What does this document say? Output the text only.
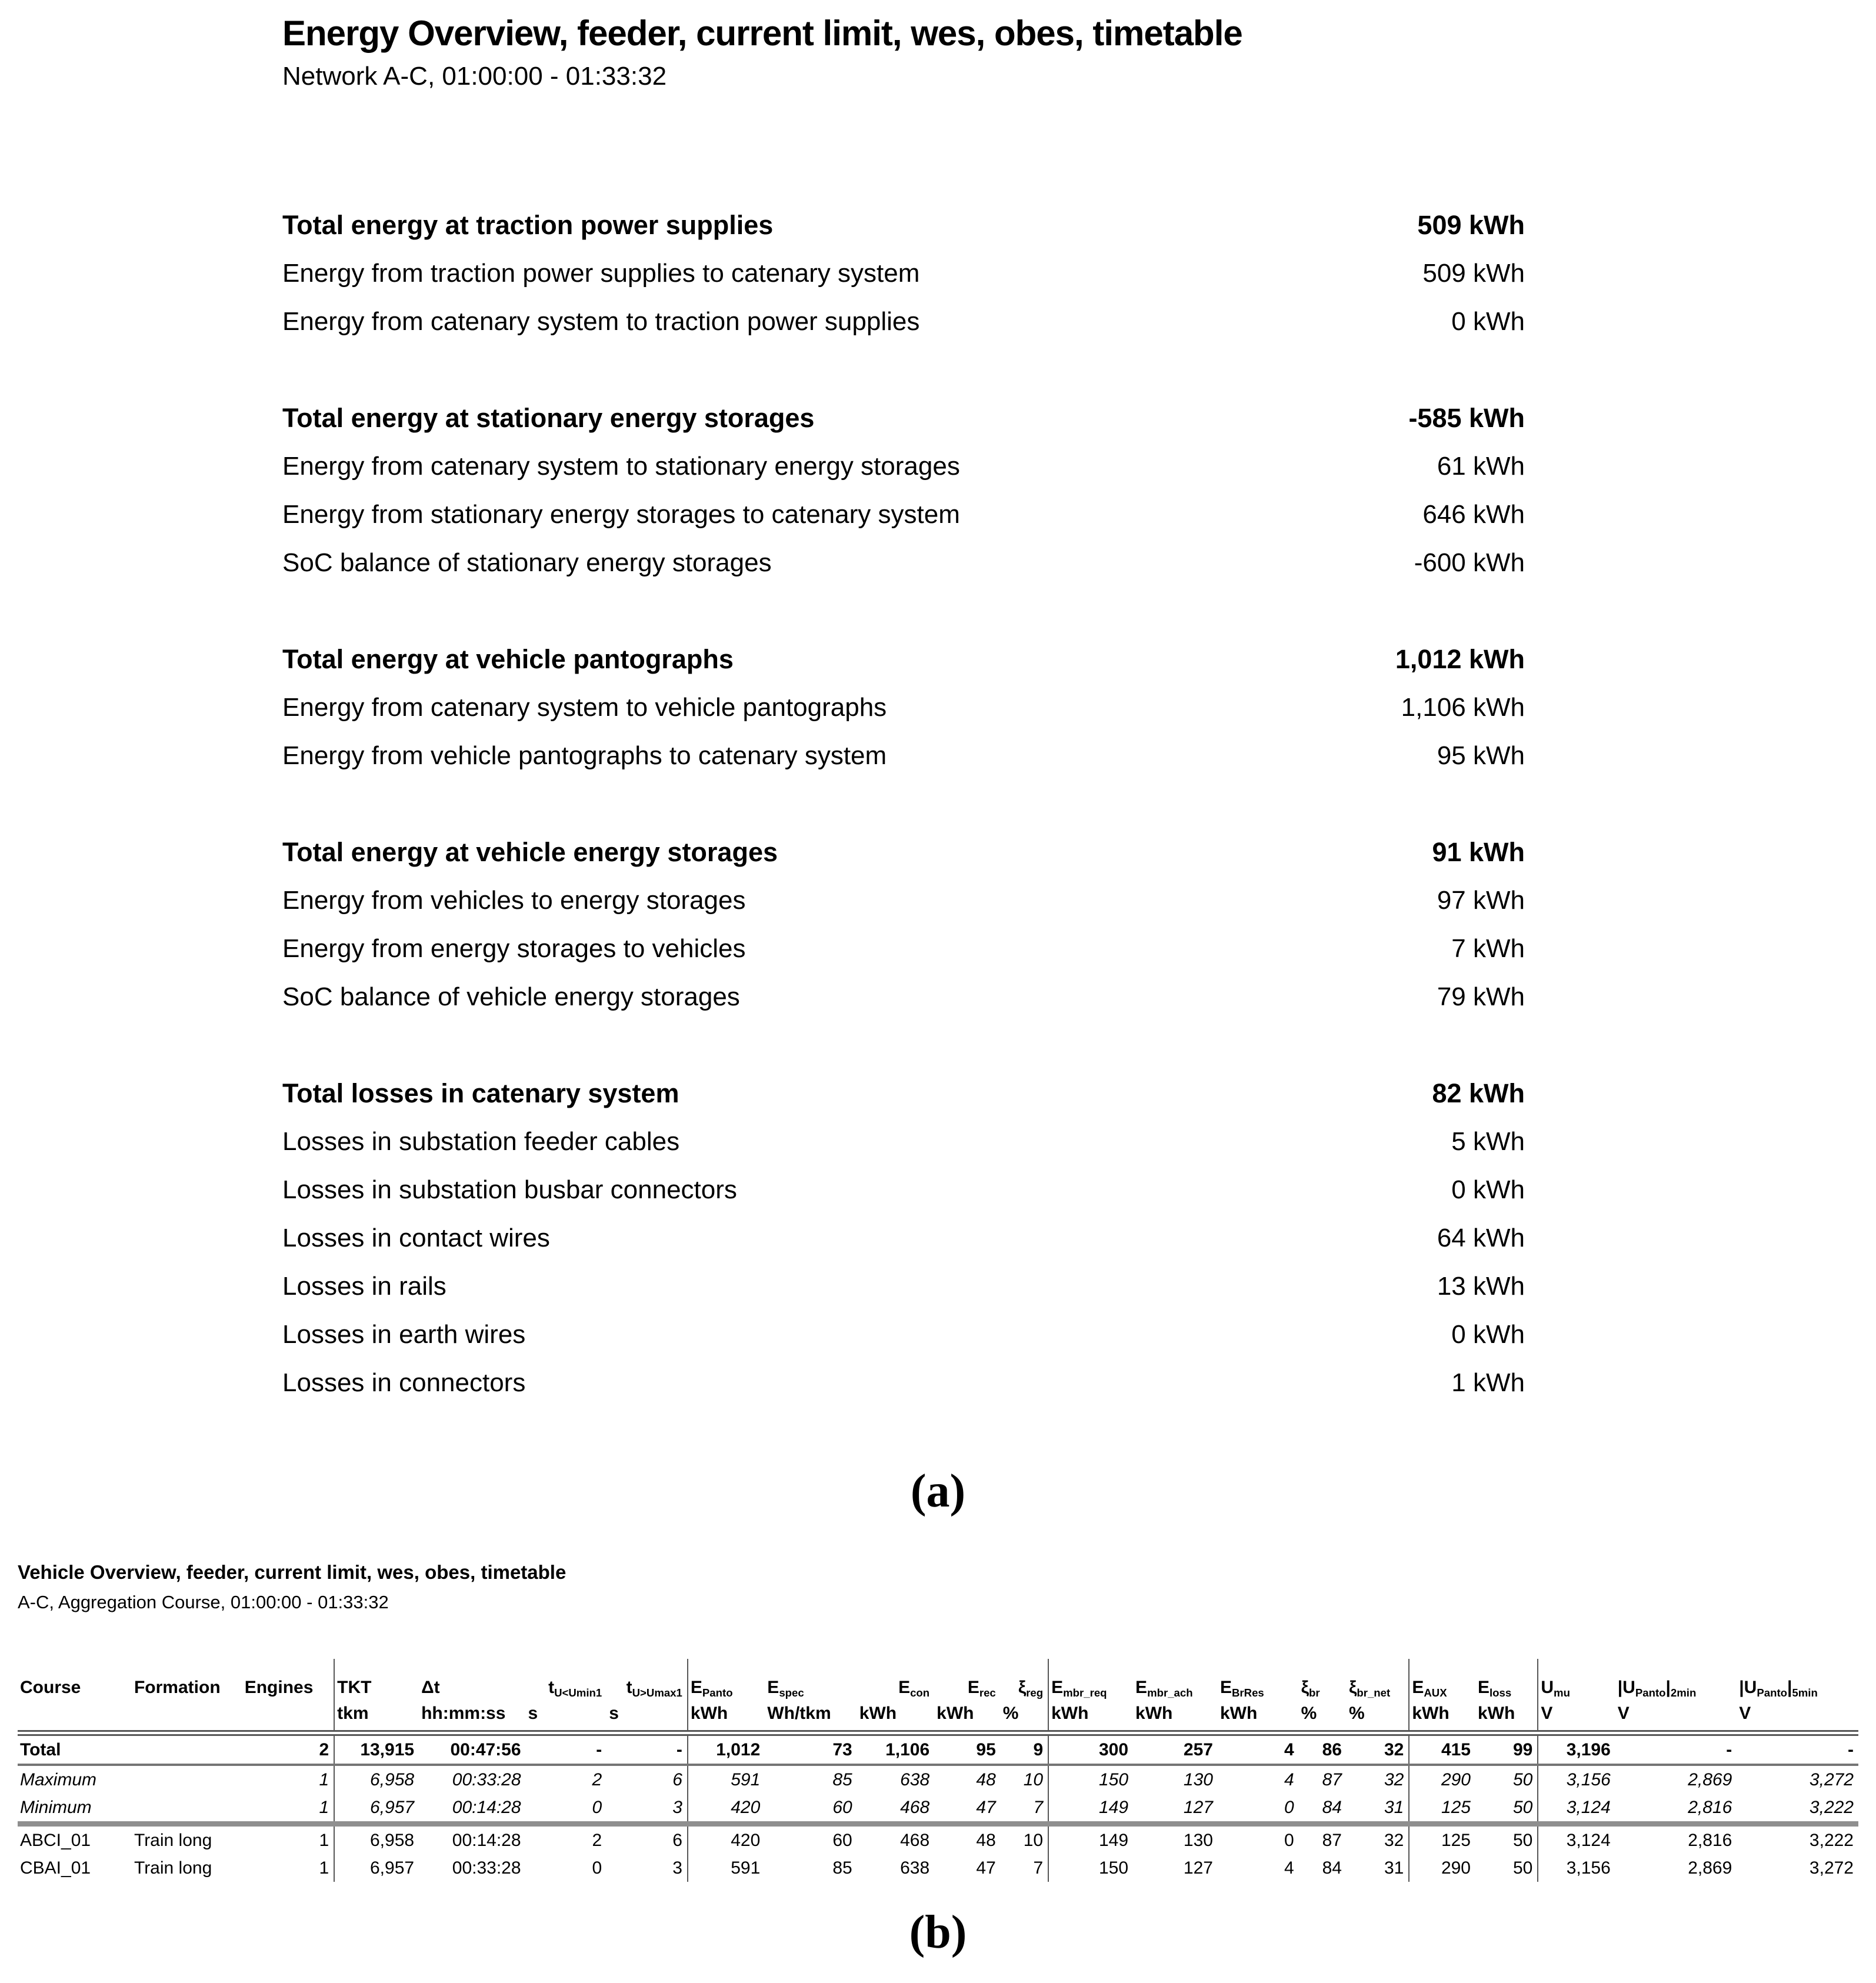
Energy Overview, feeder, current limit, wes, obes, timetable
Network A-C, 01:00:00 - 01:33:32
Total energy at traction power supplies	509 kWh
Energy from traction power supplies to catenary system	509 kWh
Energy from catenary system to traction power supplies	0 kWh
Total energy at stationary energy storages	-585 kWh
Energy from catenary system to stationary energy storages	61 kWh
Energy from stationary energy storages to catenary system	646 kWh
SoC balance of stationary energy storages	-600 kWh
Total energy at vehicle pantographs	1,012 kWh
Energy from catenary system to vehicle pantographs	1,106 kWh
Energy from vehicle pantographs to catenary system	95 kWh
Total energy at vehicle energy storages	91 kWh
Energy from vehicles to energy storages	97 kWh
Energy from energy storages to vehicles	7 kWh
SoC balance of vehicle energy storages	79 kWh
Total losses in catenary system	82 kWh
Losses in substation feeder cables	5 kWh
Losses in substation busbar connectors	0 kWh
Losses in contact wires	64 kWh
Losses in rails	13 kWh
Losses in earth wires	0 kWh
Losses in connectors	1 kWh
(a)
Vehicle Overview, feeder, current limit, wes, obes, timetable
A-C, Aggregation Course, 01:00:00 - 01:33:32
Course	Formation	Engines	TKT	Δt	tU<Umin1	tU>Umax1	EPanto	Espec	Econ	Erec	ξreg	Embr_req	Embr_ach	EBrRes	ξbr	ξbr_net	EAUX	Eloss	Umu	|UPanto|2min	|UPanto|5min
			tkm	hh:mm:ss	s	s	kWh	Wh/tkm	kWh	kWh	%	kWh	kWh	kWh	%	%	kWh	kWh	V	V	V
Total		2	13,915	00:47:56	-	-	1,012	73	1,106	95	9	300	257	4	86	32	415	99	3,196	-	-
Maximum		1	6,958	00:33:28	2	6	591	85	638	48	10	150	130	4	87	32	290	50	3,156	2,869	3,272
Minimum		1	6,957	00:14:28	0	3	420	60	468	47	7	149	127	0	84	31	125	50	3,124	2,816	3,222
ABCI_01	Train long	1	6,958	00:14:28	2	6	420	60	468	48	10	149	130	0	87	32	125	50	3,124	2,816	3,222
CBAI_01	Train long	1	6,957	00:33:28	0	3	591	85	638	47	7	150	127	4	84	31	290	50	3,156	2,869	3,272
(b)
